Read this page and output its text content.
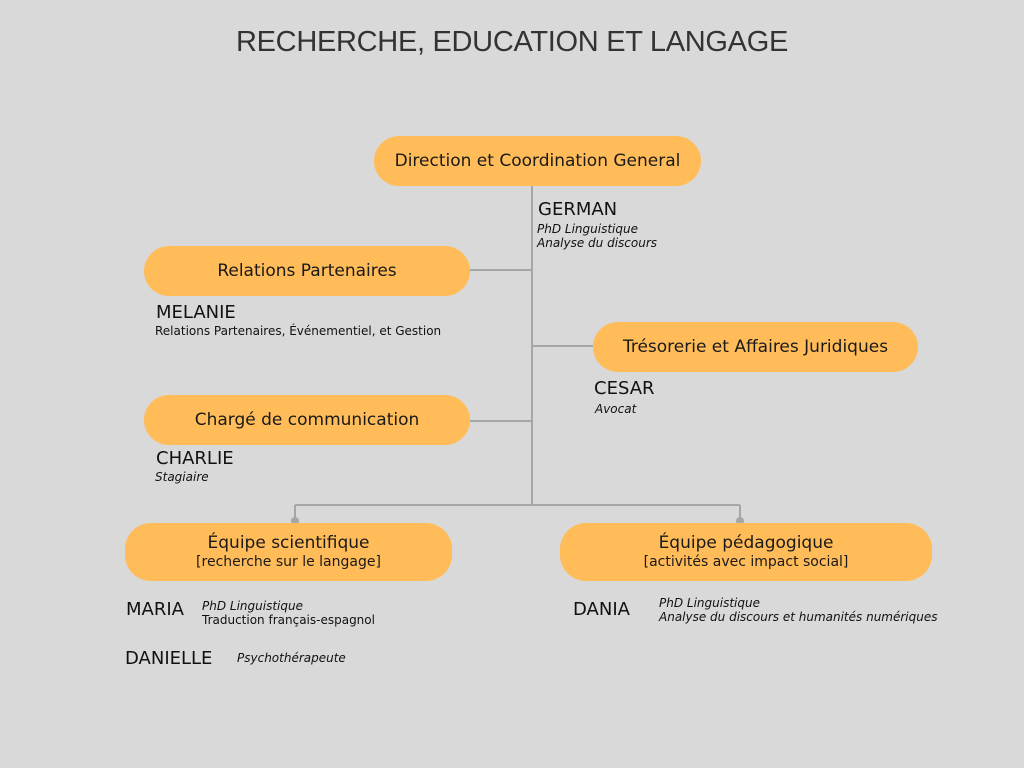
RECHERCHE, EDUCATION ET LANGAGE
Direction et Coordination General
GERMAN
PhD Linguistique
Analyse du discours
Relations Partenaires
MELANIE
Relations Partenaires, Événementiel, et Gestion
Trésorerie et Affaires Juridiques
CESAR
Avocat
Chargé de communication
CHARLIE
Stagiaire
Équipe scientifique
[recherche sur le langage]
MARIA PhD Linguistique
Traduction français-espagnol
DANIELLE Psychothérapeute
Équipe pédagogique
[activités avec impact social]
DANIA PhD Linguistique
Analyse du discours et humanités numériques
